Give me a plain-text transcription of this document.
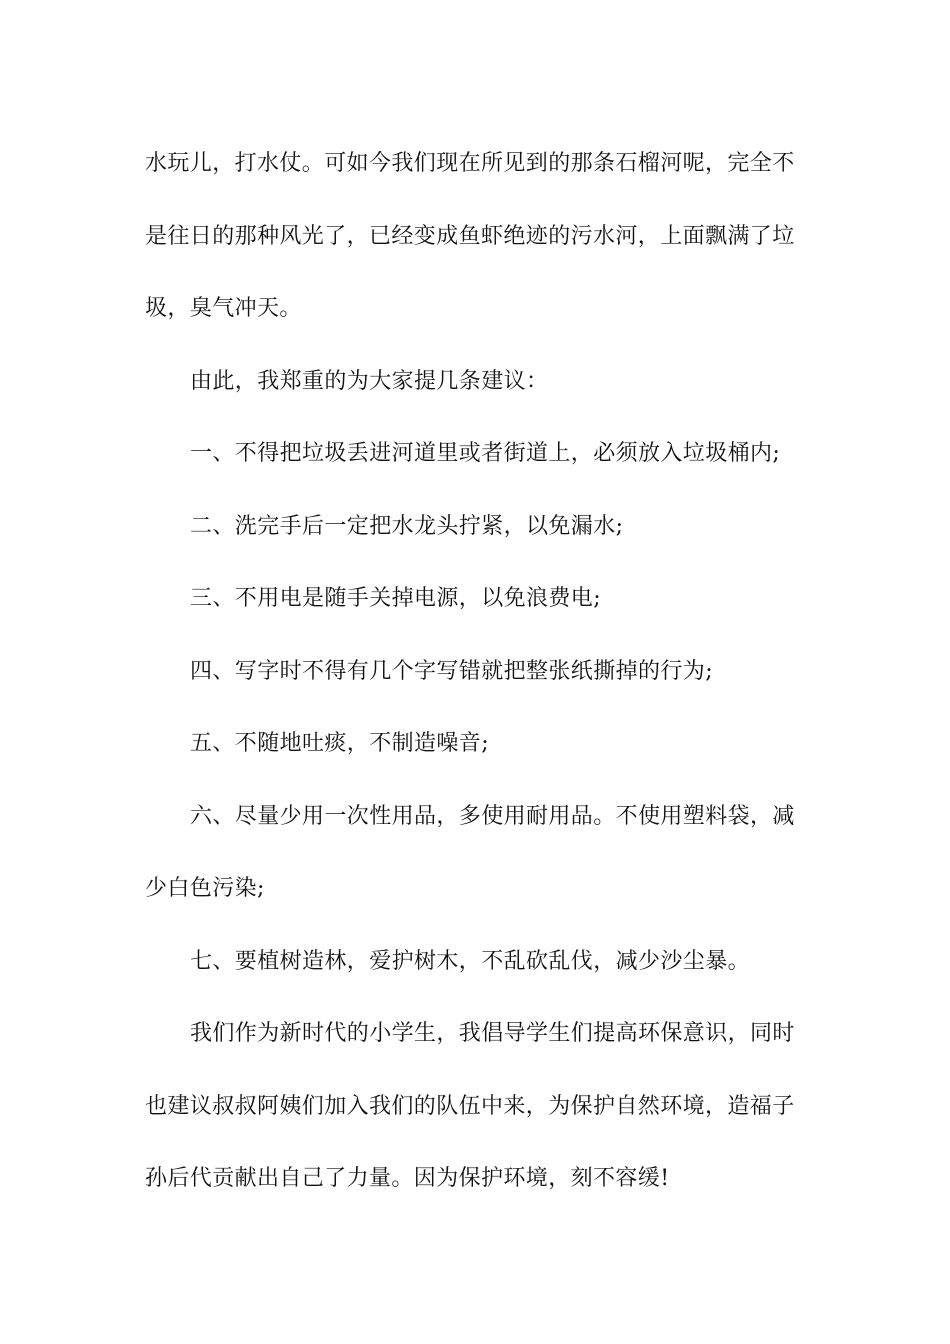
水玩儿，打水仗。可如今我们现在所见到的那条石榴河呢，完全不

是往日的那种风光了，已经变成鱼虾绝迹的污水河，上面飘满了垃

圾，臭气冲天。

由此，我郑重的为大家提几条建议：

一、不得把垃圾丢进河道里或者街道上，必须放入垃圾桶内;

二、洗完手后一定把水龙头拧紧，以免漏水;

三、不用电是随手关掉电源，以免浪费电;

四、写字时不得有几个字写错就把整张纸撕掉的行为;

五、不随地吐痰，不制造噪音;

六、尽量少用一次性用品，多使用耐用品。不使用塑料袋，减

少白色污染;

七、要植树造林，爱护树木，不乱砍乱伐，减少沙尘暴。

我们作为新时代的小学生，我倡导学生们提高环保意识，同时

也建议叔叔阿姨们加入我们的队伍中来，为保护自然环境，造福子

孙后代贡献出自己了力量。因为保护环境，刻不容缓!
